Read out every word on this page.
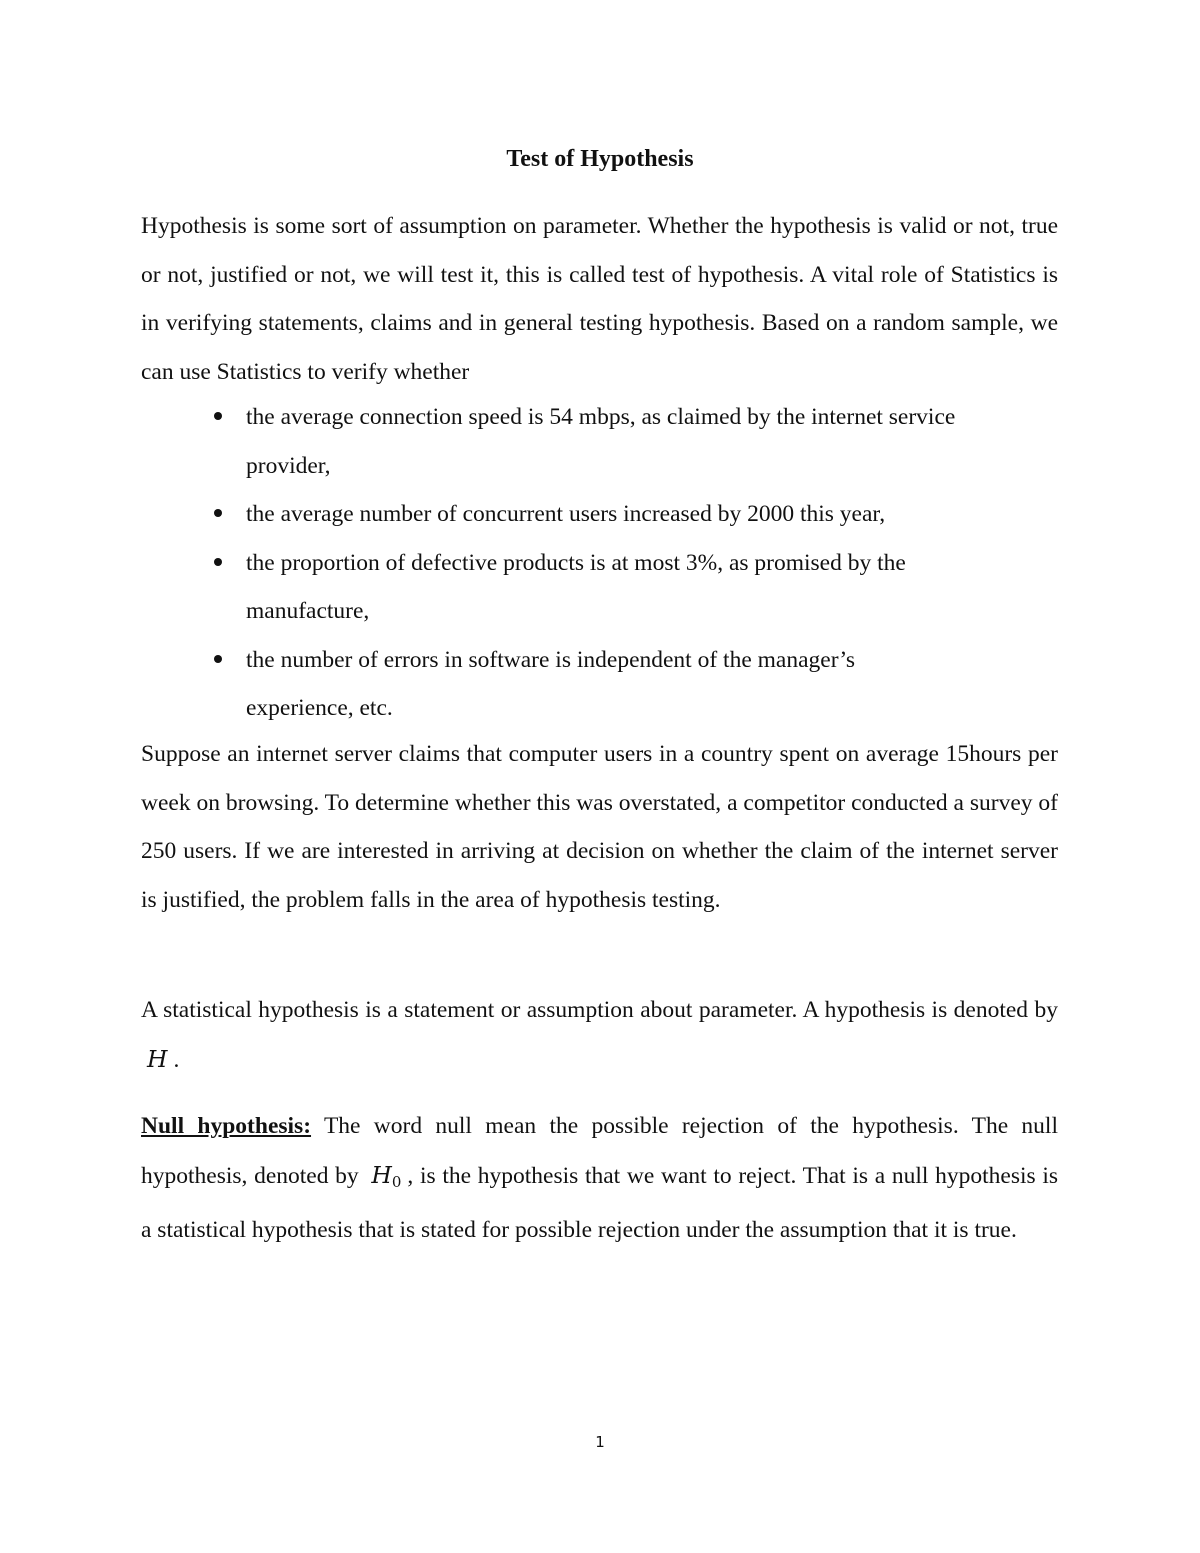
Test of Hypothesis

Hypothesis is some sort of assumption on parameter. Whether the hypothesis is valid or not, true or not, justified or not, we will test it, this is called test of hypothesis. A vital role of Statistics is in verifying statements, claims and in general testing hypothesis. Based on a random sample, we can use Statistics to verify whether

the average connection speed is 54 mbps, as claimed by the internet service provider,
the average number of concurrent users increased by 2000 this year,
the proportion of defective products is at most 3%, as promised by the manufacture,
the number of errors in software is independent of the manager’s experience, etc.

Suppose an internet server claims that computer users in a country spent on average 15hours per week on browsing. To determine whether this was overstated, a competitor conducted a survey of 250 users. If we are interested in arriving at decision on whether the claim of the internet server is justified, the problem falls in the area of hypothesis testing.

A statistical hypothesis is a statement or assumption about parameter. A hypothesis is denoted by H .

Null hypothesis: The word null mean the possible rejection of the hypothesis. The null hypothesis, denoted by $H_0$ , is the hypothesis that we want to reject. That is a null hypothesis is a statistical hypothesis that is stated for possible rejection under the assumption that it is true.

1
